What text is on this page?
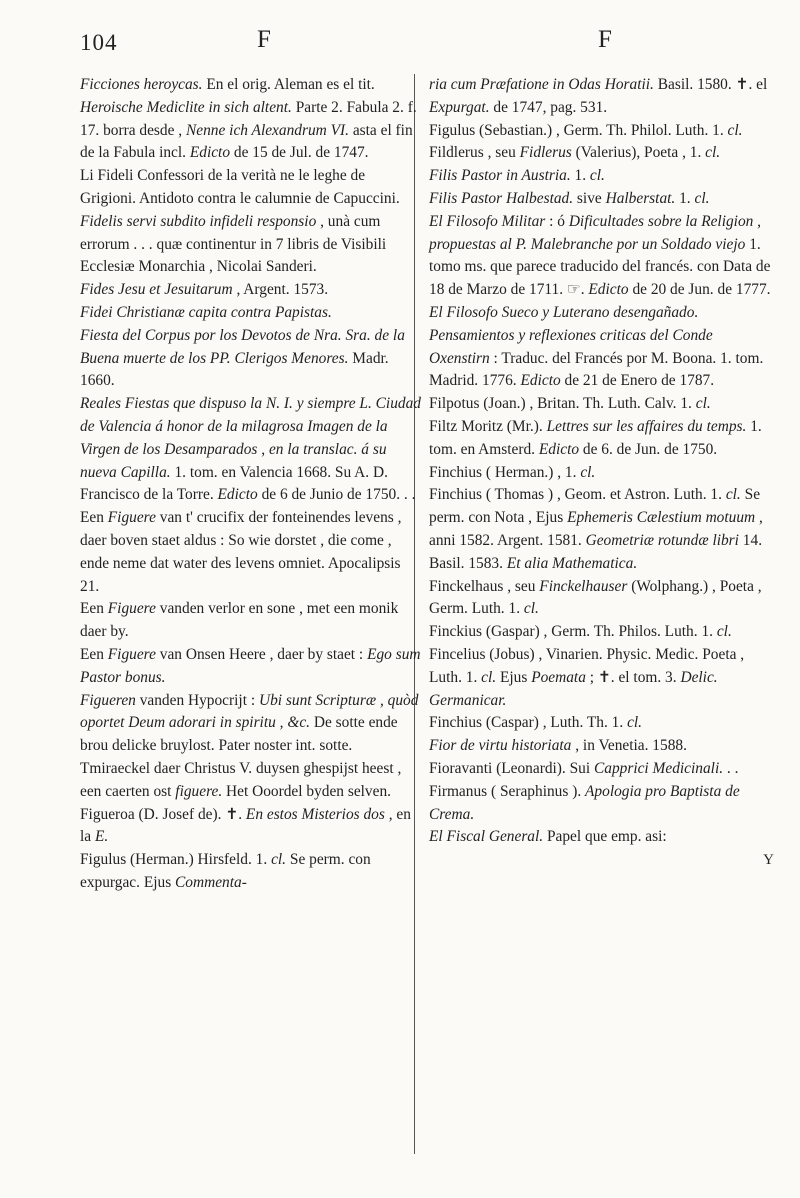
104	F	F

Ficciones heroycas. En el orig. Aleman es el tit. Heroische Mediclite in sich altent. Parte 2. Fabula 2. f. 17. borra desde , Nenne ich Alexandrum VI. asta el fin de la Fabula incl. Edicto de 15 de Jul. de 1747.

Li Fideli Confessori de la verità ne le leghe de Grigioni. Antidoto contra le calumnie de Capuccini.

Fidelis servi subdito infideli responsio , unà cum errorum . . . quæ continentur in 7 libris de Visibili Ecclesiæ Monarchia , Nicolai Sanderi.

Fides Jesu et Jesuitarum , Argent. 1573.

Fidei Christianæ capita contra Papistas.

Fiesta del Corpus por los Devotos de Nra. Sra. de la Buena muerte de los PP. Clerigos Menores. Madr. 1660.

Reales Fiestas que dispuso la N. I. y siempre L. Ciudad de Valencia á honor de la milagrosa Imagen de la Virgen de los Desamparados , en la translac. á su nueva Capilla. 1. tom. en Valencia 1668. Su A. D. Francisco de la Torre. Edicto de 6 de Junio de 1750. . .

Een Figuere van t' crucifix der fonteinendes levens , daer boven staet aldus : So wie dorstet , die come , ende neme dat water des levens omniet. Apocalipsis 21.

Een Figuere vanden verlor en sone , met een monik daer by.

Een Figuere van Onsen Heere , daer by staet : Ego sum Pastor bonus.

Figueren vanden Hypocrijt : Ubi sunt Scripturæ , quòd oportet Deum adorari in spiritu , &c. De sotte ende brou delicke bruylost. Pater noster int. sotte. Tmiraeckel daer Christus V. duysen ghespijst heest , een caerten ost figuere. Het Ooordel byden selven.

Figueroa (D. Josef de). ✝. En estos Misterios dos , en la E.

Figulus (Herman.) Hirsfeld. 1. cl. Se perm. con expurgac. Ejus Commenta-

ria cum Præfatione in Odas Horatii. Basil. 1580. ✝. el Expurgat. de 1747, pag. 531.

Figulus (Sebastian.) , Germ. Th. Philol. Luth. 1. cl.

Fildlerus , seu Fidlerus (Valerius), Poeta , 1. cl.

Filis Pastor in Austria. 1. cl.

Filis Pastor Halbestad. sive Halberstat. 1. cl.

El Filosofo Militar : ó Dificultades sobre la Religion , propuestas al P. Malebranche por un Soldado viejo 1. tomo ms. que parece traducido del francés. con Data de 18 de Marzo de 1711. ☞. Edicto de 20 de Jun. de 1777.

El Filosofo Sueco y Luterano desengañado. Pensamientos y reflexiones criticas del Conde Oxenstirn : Traduc. del Francés por M. Boona. 1. tom. Madrid. 1776. Edicto de 21 de Enero de 1787.

Filpotus (Joan.) , Britan. Th. Luth. Calv. 1. cl.

Filtz Moritz (Mr.). Lettres sur les affaires du temps. 1. tom. en Amsterd. Edicto de 6. de Jun. de 1750.

Finchius ( Herman.) , 1. cl.

Finchius ( Thomas ) , Geom. et Astron. Luth. 1. cl. Se perm. con Nota , Ejus Ephemeris Cælestium motuum , anni 1582. Argent. 1581. Geometriæ rotundæ libri 14. Basil. 1583. Et alia Mathematica.

Finckelhaus , seu Finckelhauser (Wolphang.) , Poeta , Germ. Luth. 1. cl.

Finckius (Gaspar) , Germ. Th. Philos. Luth. 1. cl.

Fincelius (Jobus) , Vinarien. Physic. Medic. Poeta , Luth. 1. cl. Ejus Poemata ; ✝. el tom. 3. Delic. Germanicar.

Finchius (Caspar) , Luth. Th. 1. cl.

Fior de virtu historiata , in Venetia. 1588.

Fioravanti (Leonardi). Sui Capprici Medicinali. . .

Firmanus ( Seraphinus ). Apologia pro Baptista de Crema.

El Fiscal General. Papel que emp. asi:

Y
